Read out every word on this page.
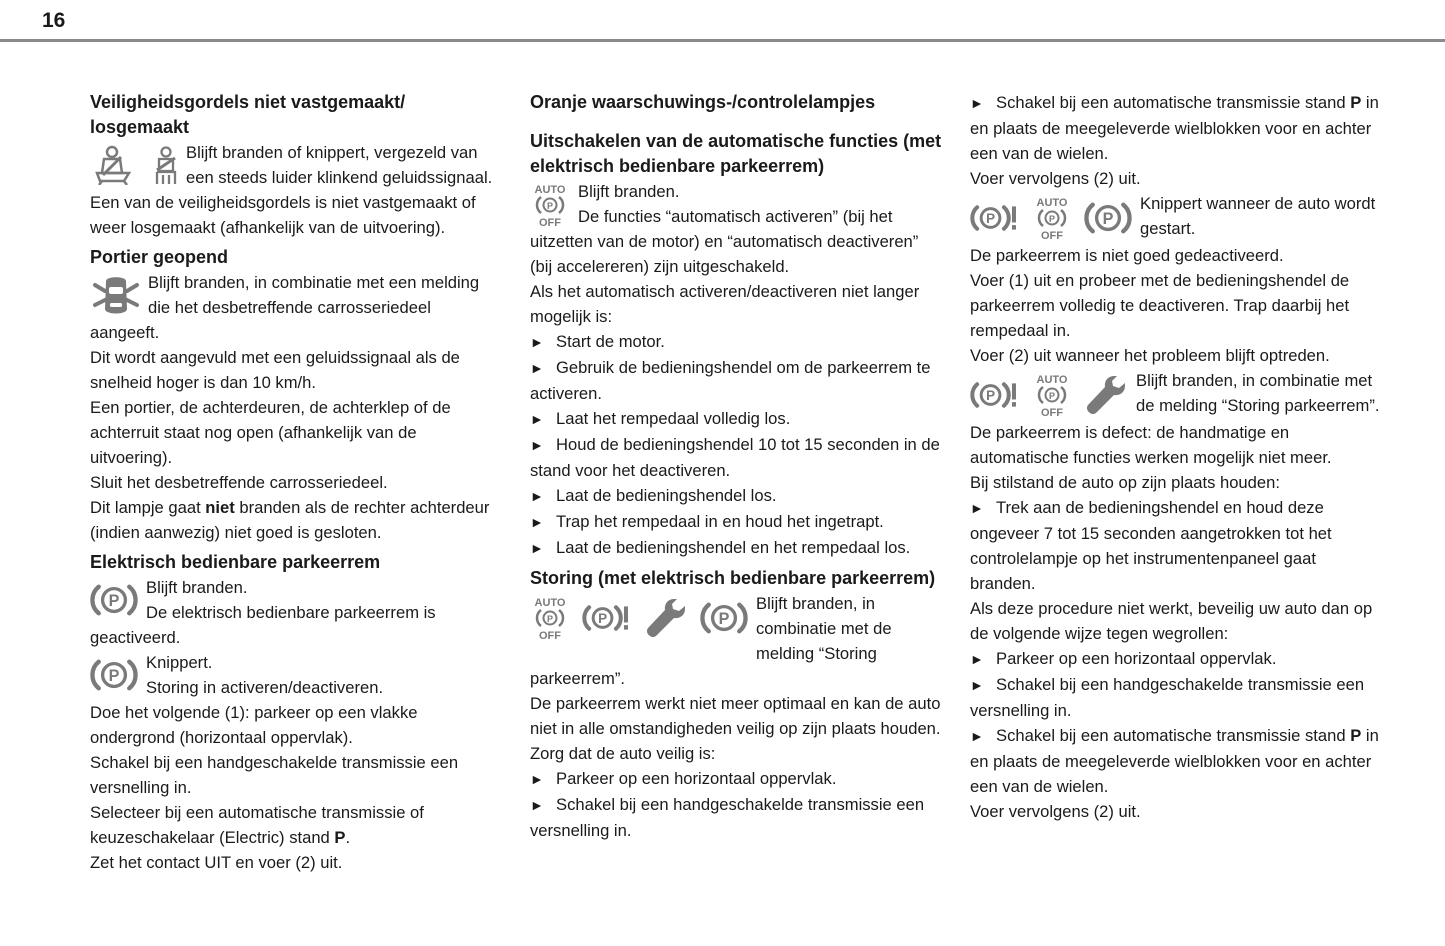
16
Veiligheidsgordels niet vastgemaakt/ losgemaakt

Blijft branden of knippert, vergezeld van een steeds luider klinkend geluidssignaal.

Een van de veiligheidsgordels is niet vastgemaakt of weer losgemaakt (afhankelijk van de uitvoering).

Portier geopend

Blijft branden, in combinatie met een melding die het desbetreffende carrosseriedeel aangeeft.

Dit wordt aangevuld met een geluidssignaal als de snelheid hoger is dan 10 km/h.

Een portier, de achterdeuren, de achterklep of de achterruit staat nog open (afhankelijk van de uitvoering).

Sluit het desbetreffende carrosseriedeel.

Dit lampje gaat niet branden als de rechter achterdeur (indien aanwezig) niet goed is gesloten.

Elektrisch bedienbare parkeerrem

Blijft branden.

De elektrisch bedienbare parkeerrem is geactiveerd.

Knippert.

Storing in activeren/deactiveren.

Doe het volgende (1): parkeer op een vlakke ondergrond (horizontaal oppervlak).

Schakel bij een handgeschakelde transmissie een versnelling in.

Selecteer bij een automatische transmissie of keuzeschakelaar (Electric) stand P.

Zet het contact UIT en voer (2) uit.

Oranje waarschuwings-/controlelampjes
Uitschakelen van de automatische functies (met elektrisch bedienbare parkeerrem)

Blijft branden.

De functies “automatisch activeren” (bij het uitzetten van de motor) en “automatisch deactiveren” (bij accelereren) zijn uitgeschakeld.

Als het automatisch activeren/deactiveren niet langer mogelijk is:

► Start de motor.
► Gebruik de bedieningshendel om de parkeerrem te activeren.
► Laat het rempedaal volledig los.
► Houd de bedieningshendel 10 tot 15 seconden in de stand voor het deactiveren.
► Laat de bedieningshendel los.
► Trap het rempedaal in en houd het ingetrapt.
► Laat de bedieningshendel en het rempedaal los.
Storing (met elektrisch bedienbare parkeerrem)

Blijft branden, in combinatie met de melding “Storing parkeerrem”.

De parkeerrem werkt niet meer optimaal en kan de auto niet in alle omstandigheden veilig op zijn plaats houden.

Zorg dat de auto veilig is:

► Parkeer op een horizontaal oppervlak.
► Schakel bij een handgeschakelde transmissie een versnelling in.
► Schakel bij een automatische transmissie stand P in en plaats de meegeleverde wielblokken voor en achter een van de wielen.

Voer vervolgens (2) uit.

Knippert wanneer de auto wordt gestart.

De parkeerrem is niet goed gedeactiveerd.

Voer (1) uit en probeer met de bedieningshendel de parkeerrem volledig te deactiveren. Trap daarbij het rempedaal in.

Voer (2) uit wanneer het probleem blijft optreden.

Blijft branden, in combinatie met de melding “Storing parkeerrem”.

De parkeerrem is defect: de handmatige en automatische functies werken mogelijk niet meer.

Bij stilstand de auto op zijn plaats houden:

► Trek aan de bedieningshendel en houd deze ongeveer 7 tot 15 seconden aangetrokken tot het controlelampje op het instrumentenpaneel gaat branden.

Als deze procedure niet werkt, beveilig uw auto dan op de volgende wijze tegen wegrollen:

► Parkeer op een horizontaal oppervlak.
► Schakel bij een handgeschakelde transmissie een versnelling in.
► Schakel bij een automatische transmissie stand P in en plaats de meegeleverde wielblokken voor en achter een van de wielen.

Voer vervolgens (2) uit.
